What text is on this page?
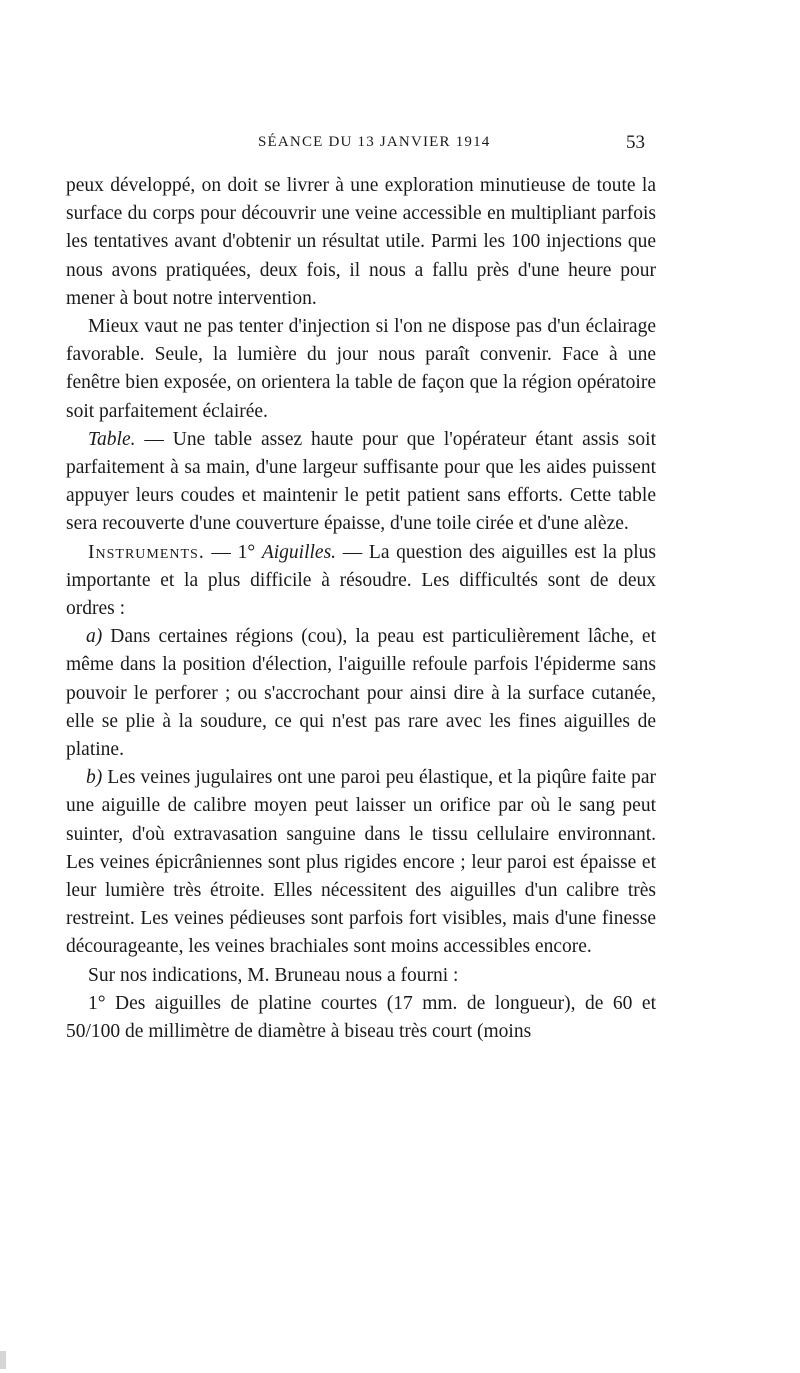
SÉANCE DU 13 JANVIER 1914	53

peux développé, on doit se livrer à une exploration minutieuse de toute la surface du corps pour découvrir une veine accessible en multipliant parfois les tentatives avant d'obtenir un résultat utile. Parmi les 100 injections que nous avons pratiquées, deux fois, il nous a fallu près d'une heure pour mener à bout notre intervention.

Mieux vaut ne pas tenter d'injection si l'on ne dispose pas d'un éclairage favorable. Seule, la lumière du jour nous paraît convenir. Face à une fenêtre bien exposée, on orientera la table de façon que la région opératoire soit parfaitement éclairée.

Table. — Une table assez haute pour que l'opérateur étant assis soit parfaitement à sa main, d'une largeur suffisante pour que les aides puissent appuyer leurs coudes et maintenir le petit patient sans efforts. Cette table sera recouverte d'une couverture épaisse, d'une toile cirée et d'une alèze.

Instruments. — 1° Aiguilles. — La question des aiguilles est la plus importante et la plus difficile à résoudre. Les difficultés sont de deux ordres :

a) Dans certaines régions (cou), la peau est particulièrement lâche, et même dans la position d'élection, l'aiguille refoule parfois l'épiderme sans pouvoir le perforer ; ou s'accrochant pour ainsi dire à la surface cutanée, elle se plie à la soudure, ce qui n'est pas rare avec les fines aiguilles de platine.

b) Les veines jugulaires ont une paroi peu élastique, et la piqûre faite par une aiguille de calibre moyen peut laisser un orifice par où le sang peut suinter, d'où extravasation sanguine dans le tissu cellulaire environnant. Les veines épicrâniennes sont plus rigides encore ; leur paroi est épaisse et leur lumière très étroite. Elles nécessitent des aiguilles d'un calibre très restreint. Les veines pédieuses sont parfois fort visibles, mais d'une finesse décourageante, les veines brachiales sont moins accessibles encore.

Sur nos indications, M. Bruneau nous a fourni :

1° Des aiguilles de platine courtes (17 mm. de longueur), de 60 et 50/100 de millimètre de diamètre à biseau très court (moins
